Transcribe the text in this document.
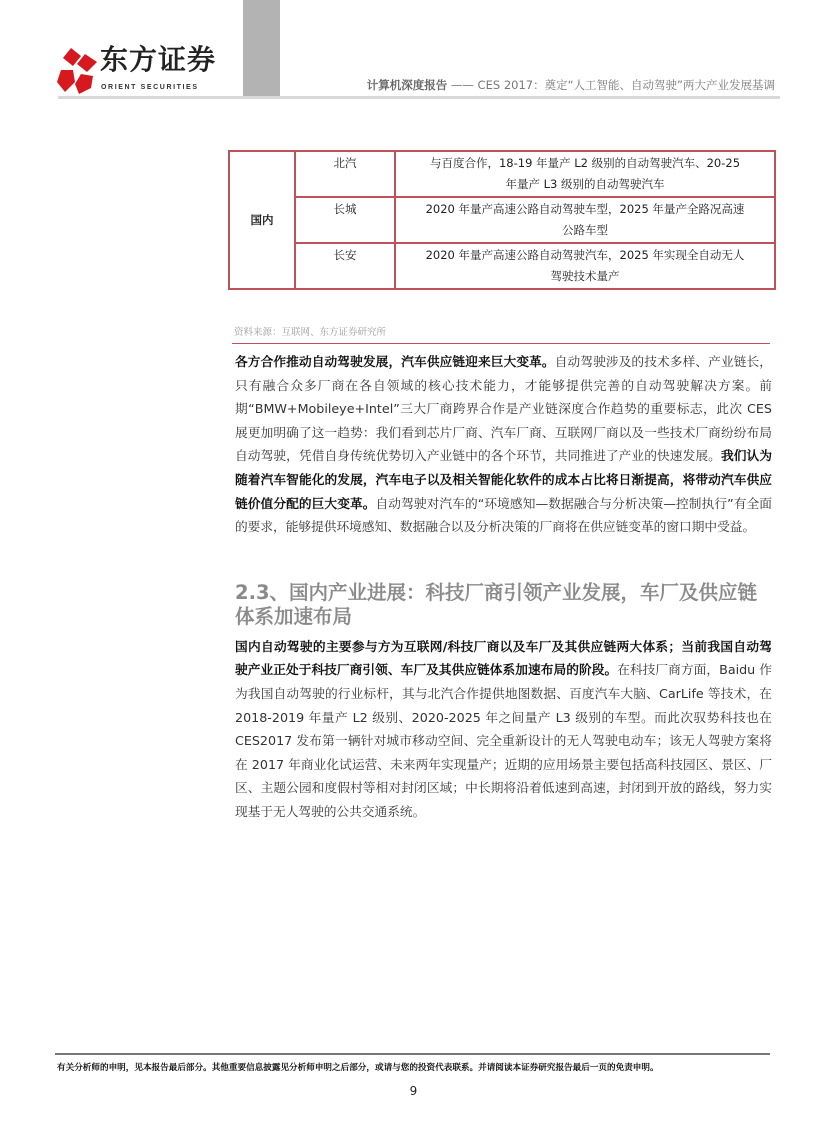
东方证券
ORIENT SECURITIES	计算机深度报告 —— CES 2017：奠定“人工智能、自动驾驶”两大产业发展基调
国内	北汽	与百度合作，18-19 年量产 L2 级别的自动驾驶汽车、20-25
年量产 L3 级别的自动驾驶汽车
	长城	2020 年量产高速公路自动驾驶车型，2025 年量产全路况高速
公路车型
	长安	2020 年量产高速公路自动驾驶汽车，2025 年实现全自动无人
驾驶技术量产
资料来源：互联网、东方证券研究所
各方合作推动自动驾驶发展，汽车供应链迎来巨大变革。自动驾驶涉及的技术多样、产业链长，只有融合众多厂商在各自领域的核心技术能力，才能够提供完善的自动驾驶解决方案。前期“BMW+Mobileye+Intel”三大厂商跨界合作是产业链深度合作趋势的重要标志，此次 CES 展更加明确了这一趋势：我们看到芯片厂商、汽车厂商、互联网厂商以及一些技术厂商纷纷布局自动驾驶，凭借自身传统优势切入产业链中的各个环节，共同推进了产业的快速发展。我们认为随着汽车智能化的发展，汽车电子以及相关智能化软件的成本占比将日渐提高，将带动汽车供应链价值分配的巨大变革。自动驾驶对汽车的“环境感知—数据融合与分析决策—控制执行”有全面的要求，能够提供环境感知、数据融合以及分析决策的厂商将在供应链变革的窗口期中受益。
2.3、国内产业进展：科技厂商引领产业发展，车厂及供应链体系加速布局
国内自动驾驶的主要参与方为互联网/科技厂商以及车厂及其供应链两大体系；当前我国自动驾驶产业正处于科技厂商引领、车厂及其供应链体系加速布局的阶段。在科技厂商方面，Baidu 作为我国自动驾驶的行业标杆，其与北汽合作提供地图数据、百度汽车大脑、CarLife 等技术，在 2018-2019 年量产 L2 级别、2020-2025 年之间量产 L3 级别的车型。而此次驭势科技也在 CES2017 发布第一辆针对城市移动空间、完全重新设计的无人驾驶电动车；该无人驾驶方案将在 2017 年商业化试运营、未来两年实现量产；近期的应用场景主要包括高科技园区、景区、厂区、主题公园和度假村等相对封闭区域；中长期将沿着低速到高速，封闭到开放的路线，努力实现基于无人驾驶的公共交通系统。
有关分析师的申明，见本报告最后部分。其他重要信息披露见分析师申明之后部分，或请与您的投资代表联系。并请阅读本证券研究报告最后一页的免责申明。
9
